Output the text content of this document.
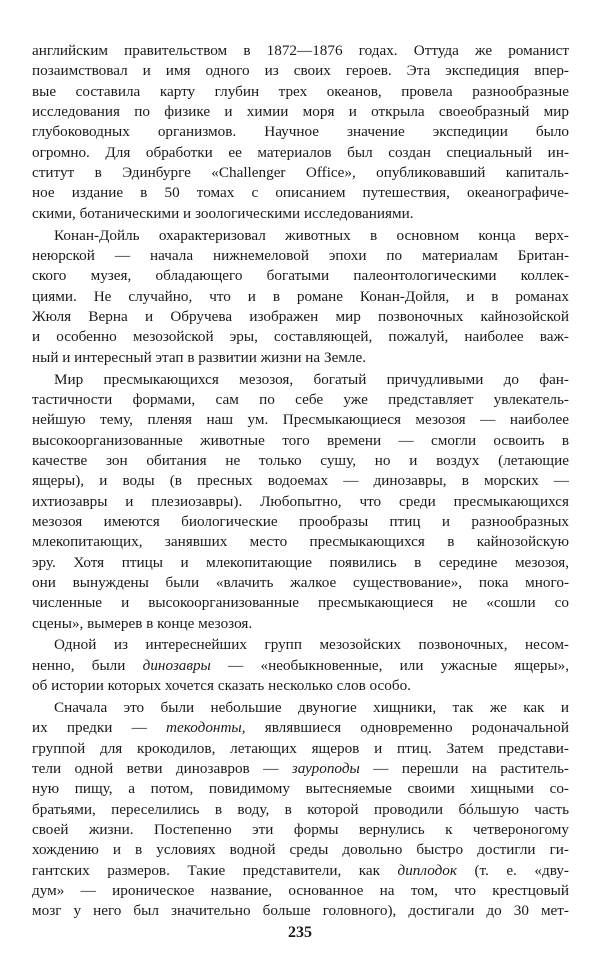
английским правительством в 1872—1876 годах. Оттуда же романист
позаимствовал и имя одного из своих героев. Эта экспедиция впер-
вые составила карту глубин трех океанов, провела разнообразные
исследования по физике и химии моря и открыла своеобразный мир
глубоководных организмов. Научное значение экспедиции было
огромно. Для обработки ее материалов был создан специальный ин-
ститут в Эдинбурге «Challenger Office», опубликовавший капиталь-
ное издание в 50 томах с описанием путешествия, океанографиче-
скими, ботаническими и зоологическими исследованиями.
Конан-Дойль охарактеризовал животных в основном конца верх-
неюрской — начала нижнемеловой эпохи по материалам Британ-
ского музея, обладающего богатыми палеонтологическими коллек-
циями. Не случайно, что и в романе Конан-Дойля, и в романах
Жюля Верна и Обручева изображен мир позвоночных кайнозойской
и особенно мезозойской эры, составляющей, пожалуй, наиболее важ-
ный и интересный этап в развитии жизни на Земле.
Мир пресмыкающихся мезозоя, богатый причудливыми до фан-
тастичности формами, сам по себе уже представляет увлекатель-
нейшую тему, пленяя наш ум. Пресмыкающиеся мезозоя — наиболее
высокоорганизованные животные того времени — смогли освоить в
качестве зон обитания не только сушу, но и воздух (летающие
ящеры), и воды (в пресных водоемах — динозавры, в морских —
ихтиозавры и плезиозавры). Любопытно, что среди пресмыкающихся
мезозоя имеются биологические прообразы птиц и разнообразных
млекопитающих, занявших место пресмыкающихся в кайнозойскую
эру. Хотя птицы и млекопитающие появились в середине мезозоя,
они вынуждены были «влачить жалкое существование», пока много-
численные и высокоорганизованные пресмыкающиеся не «сошли со
сцены», вымерев в конце мезозоя.
Одной из интереснейших групп мезозойских позвоночных, несом-
ненно, были динозавры — «необыкновенные, или ужасные ящеры»,
об истории которых хочется сказать несколько слов особо.
Сначала это были небольшие двуногие хищники, так же как и
их предки — текодонты, являвшиеся одновременно родоначальной
группой для крокодилов, летающих ящеров и птиц. Затем представи-
тели одной ветви динозавров — зауроподы — перешли на раститель-
ную пищу, а потом, повидимому вытесняемые своими хищными со-
братьями, переселились в воду, в которой проводили бóльшую часть
своей жизни. Постепенно эти формы вернулись к четвероногому
хождению и в условиях водной среды довольно быстро достигли ги-
гантских размеров. Такие представители, как диплодок (т. е. «дву-
дум» — ироническое название, основанное на том, что крестцовый
мозг у него был значительно больше головного), достигали до 30 мет-
235
